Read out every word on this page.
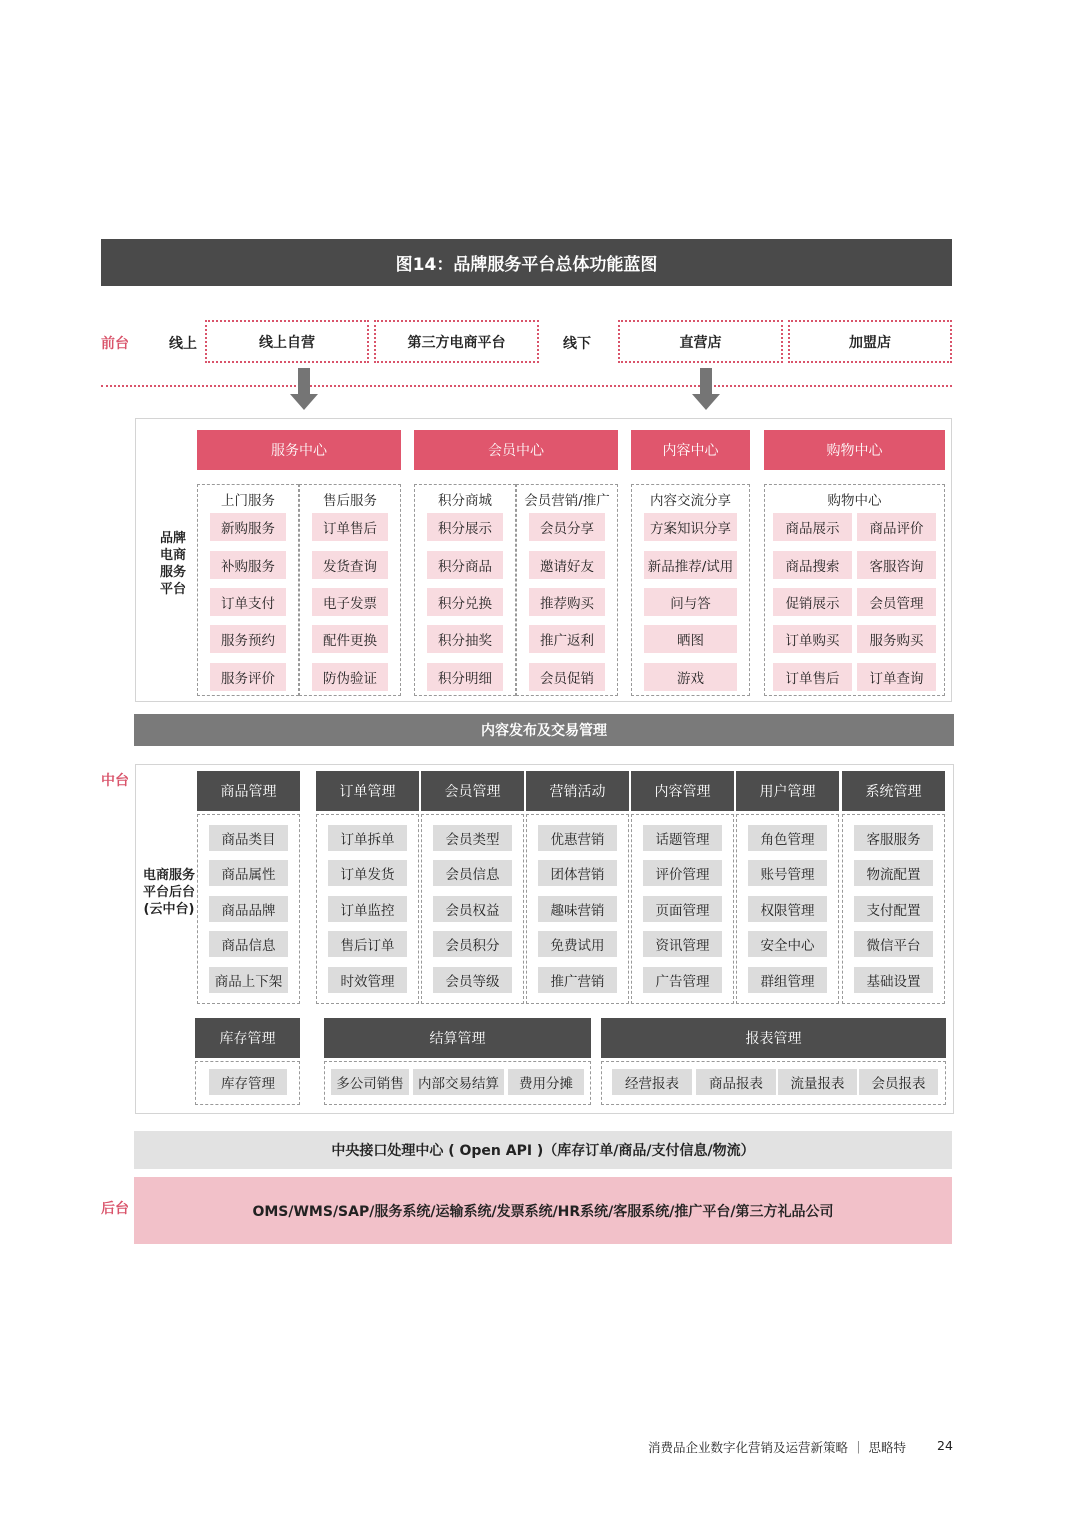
图14：品牌服务平台总体功能蓝图
前台	线上	线上自营	第三方电商平台	线下	直营店	加盟店
品牌电商服务平台
服务中心
上门服务
新购服务
补购服务
订单支付
服务预约
服务评价
售后服务
订单售后
发货查询
电子发票
配件更换
防伪验证
会员中心
积分商城
积分展示
积分商品
积分兑换
积分抽奖
积分明细
会员营销/推广
会员分享
邀请好友
推荐购买
推广返利
会员促销
内容中心
内容交流分享
方案知识分享
新品推荐/试用
问与答
晒图
游戏
购物中心
购物中心
商品展示	商品评价
商品搜索	客服咨询
促销展示	会员管理
订单购买	服务购买
订单售后	订单查询
内容发布及交易管理
中台
电商服务平台后台(云中台)
商品管理
商品类目
商品属性
商品品牌
商品信息
商品上下架
订单管理
订单拆单
订单发货
订单监控
售后订单
时效管理
会员管理
会员类型
会员信息
会员权益
会员积分
会员等级
营销活动
优惠营销
团体营销
趣味营销
免费试用
推广营销
内容管理
话题管理
评价管理
页面管理
资讯管理
广告管理
用户管理
角色管理
账号管理
权限管理
安全中心
群组管理
系统管理
客服服务
物流配置
支付配置
微信平台
基础设置
库存管理
库存管理
结算管理
多公司销售	内部交易结算	费用分摊
报表管理
经营报表	商品报表	流量报表	会员报表
中央接口处理中心 ( Open API )（库存订单/商品/支付信息/物流）
后台	OMS/WMS/SAP/服务系统/运输系统/发票系统/HR系统/客服系统/推广平台/第三方礼品公司
消费品企业数字化营销及运营新策略 ｜ 思略特 24
